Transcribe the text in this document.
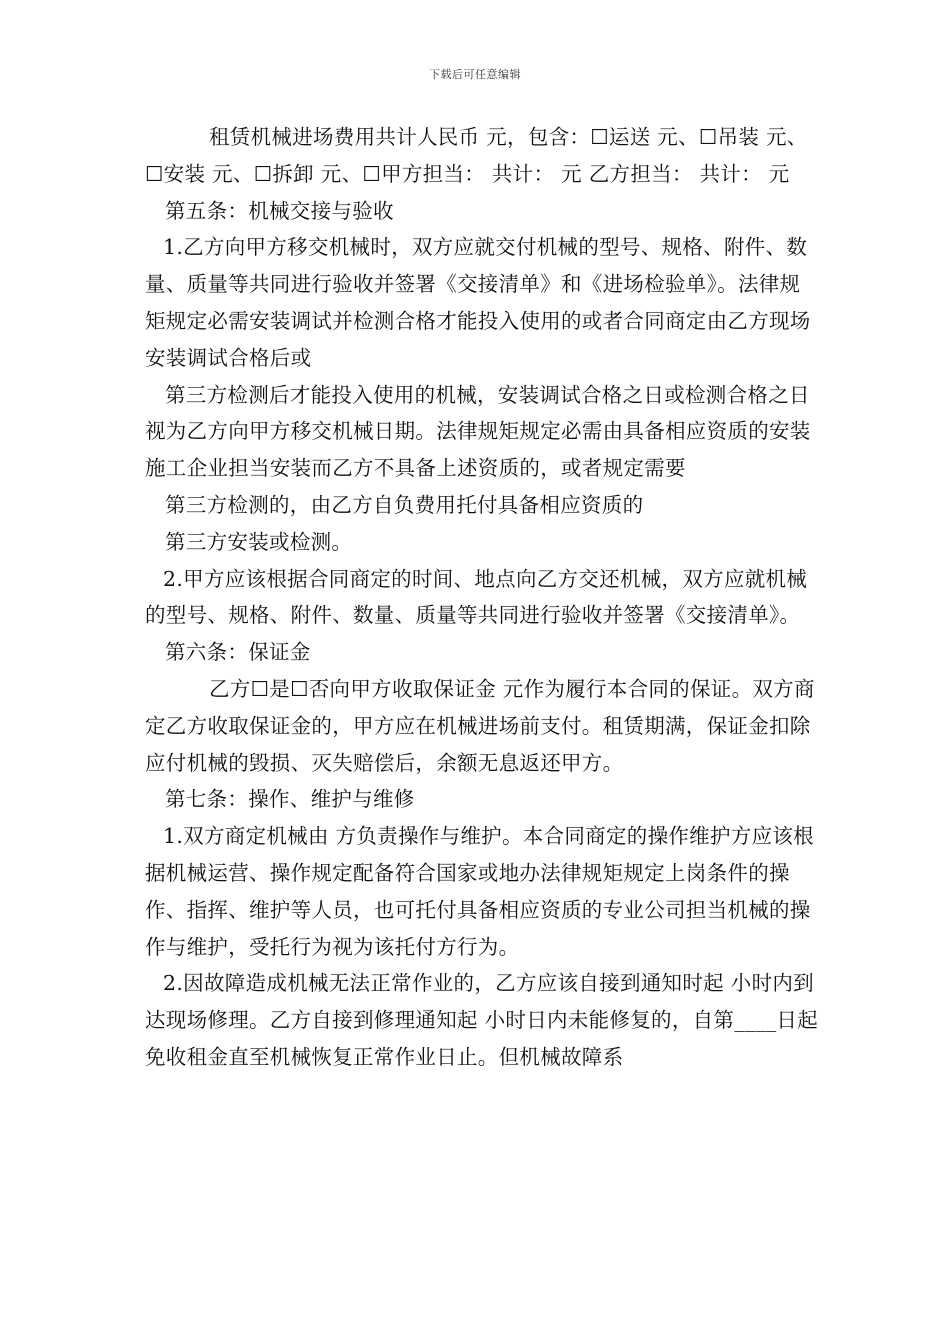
下载后可任意编辑

租赁机械进场费用共计人民币 元，包含：☐运送 元、☐吊装 元、☐安装 元、☐拆卸 元、☐甲方担当： 共计： 元 乙方担当： 共计： 元

第五条：机械交接与验收

1.乙方向甲方移交机械时，双方应就交付机械的型号、规格、附件、数量、质量等共同进行验收并签署《交接清单》和《进场检验单》。法律规矩规定必需安装调试并检测合格才能投入使用的或者合同商定由乙方现场安装调试合格后或

第三方检测后才能投入使用的机械，安装调试合格之日或检测合格之日视为乙方向甲方移交机械日期。法律规矩规定必需由具备相应资质的安装施工企业担当安装而乙方不具备上述资质的，或者规定需要

第三方检测的，由乙方自负费用托付具备相应资质的

第三方安装或检测。

2.甲方应该根据合同商定的时间、地点向乙方交还机械，双方应就机械的型号、规格、附件、数量、质量等共同进行验收并签署《交接清单》。

第六条：保证金

乙方☐是☐否向甲方收取保证金 元作为履行本合同的保证。双方商定乙方收取保证金的，甲方应在机械进场前支付。租赁期满，保证金扣除应付机械的毁损、灭失赔偿后，余额无息返还甲方。

第七条：操作、维护与维修

1.双方商定机械由 方负责操作与维护。本合同商定的操作维护方应该根据机械运营、操作规定配备符合国家或地办法律规矩规定上岗条件的操作、指挥、维护等人员，也可托付具备相应资质的专业公司担当机械的操作与维护，受托行为视为该托付方行为。

2.因故障造成机械无法正常作业的，乙方应该自接到通知时起 小时内到达现场修理。乙方自接到修理通知起 小时日内未能修复的，自第____日起免收租金直至机械恢复正常作业日止。但机械故障系
